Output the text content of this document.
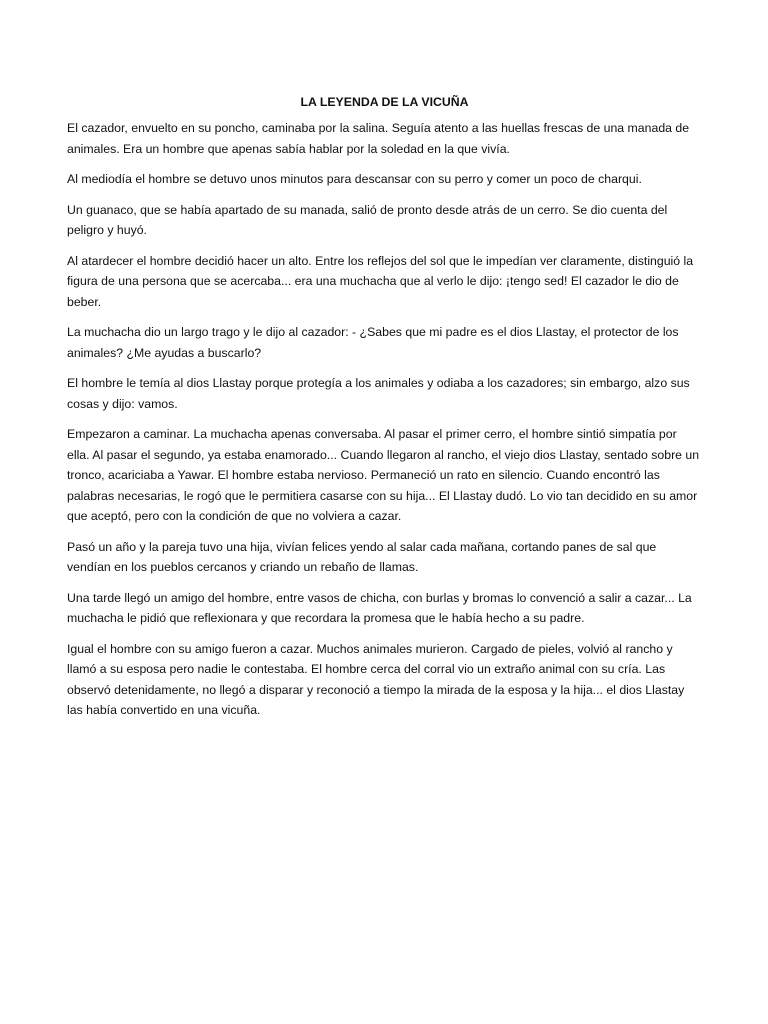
LA LEYENDA DE LA VICUÑA

El cazador, envuelto en su poncho, caminaba por la salina. Seguía atento a las huellas frescas de una manada de animales. Era un hombre que apenas sabía hablar por la soledad en la que vivía.

Al mediodía el hombre se detuvo unos minutos para descansar con su perro y comer un poco de charqui.

Un guanaco, que se había apartado de su manada, salió de pronto desde atrás de un cerro. Se dio cuenta del peligro y huyó.

Al atardecer el hombre decidió hacer un alto. Entre los reflejos del sol que le impedían ver claramente, distinguió la figura de una persona que se acercaba... era una muchacha que al verlo le dijo: ¡tengo sed! El cazador le dio de beber.

La muchacha dio un largo trago y le dijo al cazador: - ¿Sabes que mi padre es el dios Llastay, el protector de los animales? ¿Me ayudas a buscarlo?

El hombre le temía al dios Llastay porque protegía a los animales y odiaba a los cazadores; sin embargo, alzo sus cosas y dijo: vamos.

Empezaron a caminar. La muchacha apenas conversaba. Al pasar el primer cerro, el hombre sintió simpatía por ella. Al pasar el segundo, ya estaba enamorado... Cuando llegaron al rancho, el viejo dios Llastay, sentado sobre un tronco, acariciaba a Yawar. El hombre estaba nervioso. Permaneció un rato en silencio. Cuando encontró las palabras necesarias, le rogó que le permitiera casarse con su hija... El Llastay dudó. Lo vio tan decidido en su amor que aceptó, pero con la condición de que no volviera a cazar.

Pasó un año y la pareja tuvo una hija, vivían felices yendo al salar cada mañana, cortando panes de sal que vendían en los pueblos cercanos y criando un rebaño de llamas.

Una tarde llegó un amigo del hombre, entre vasos de chicha, con burlas y bromas lo convenció a salir a cazar... La muchacha le pidió que reflexionara y que recordara la promesa que le había hecho a su padre.

Igual el hombre con su amigo fueron a cazar. Muchos animales murieron. Cargado de pieles, volvió al rancho y llamó a su esposa pero nadie le contestaba. El hombre cerca del corral vio un extraño animal con su cría. Las observó detenidamente, no llegó a disparar y reconoció a tiempo la mirada de la esposa y la hija... el dios Llastay las había convertido en una vicuña.
